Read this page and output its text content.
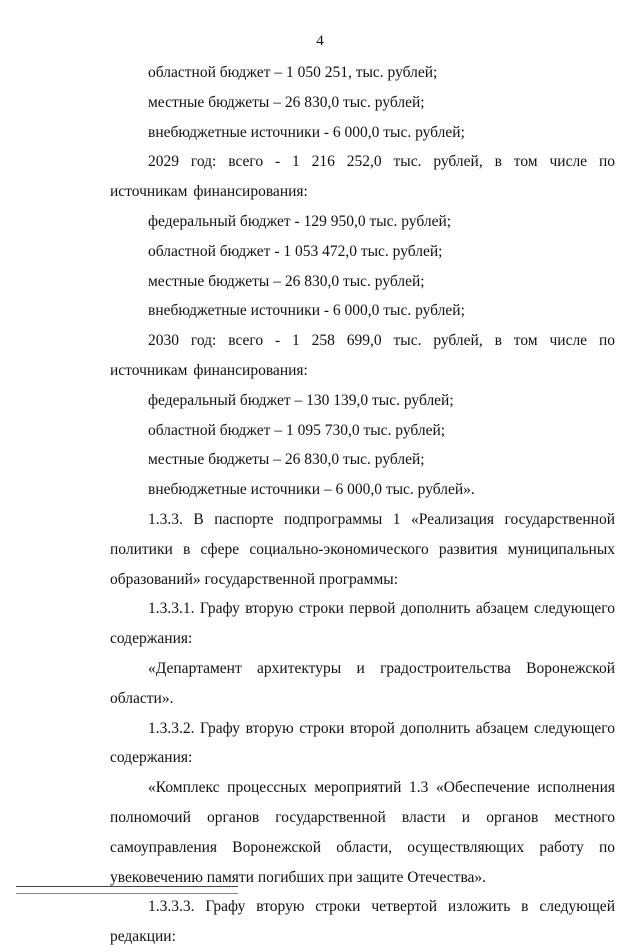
4

областной бюджет – 1 050 251, тыс. рублей;

местные бюджеты – 26 830,0 тыс. рублей;

внебюджетные источники - 6 000,0 тыс. рублей;

2029 год: всего - 1 216 252,0 тыс. рублей, в том числе по источникам финансирования:

федеральный бюджет - 129 950,0 тыс. рублей;

областной бюджет - 1 053 472,0 тыс. рублей;

местные бюджеты – 26 830,0 тыс. рублей;

внебюджетные источники - 6 000,0 тыс. рублей;

2030 год: всего - 1 258 699,0 тыс. рублей, в том числе по источникам финансирования:

федеральный бюджет – 130 139,0 тыс. рублей;

областной бюджет – 1 095 730,0 тыс. рублей;

местные бюджеты – 26 830,0 тыс. рублей;

внебюджетные источники – 6 000,0 тыс. рублей».

1.3.3. В паспорте подпрограммы 1 «Реализация государственной политики в сфере социально-экономического развития муниципальных образований» государственной программы:

1.3.3.1. Графу вторую строки первой дополнить абзацем следующего содержания:

«Департамент архитектуры и градостроительства Воронежской области».

1.3.3.2. Графу вторую строки второй дополнить абзацем следующего содержания:

«Комплекс процессных мероприятий 1.3 «Обеспечение исполнения полномочий органов государственной власти и органов местного самоуправления Воронежской области, осуществляющих работу по увековечению памяти погибших при защите Отечества».

1.3.3.3. Графу вторую строки четвертой изложить в следующей редакции:
